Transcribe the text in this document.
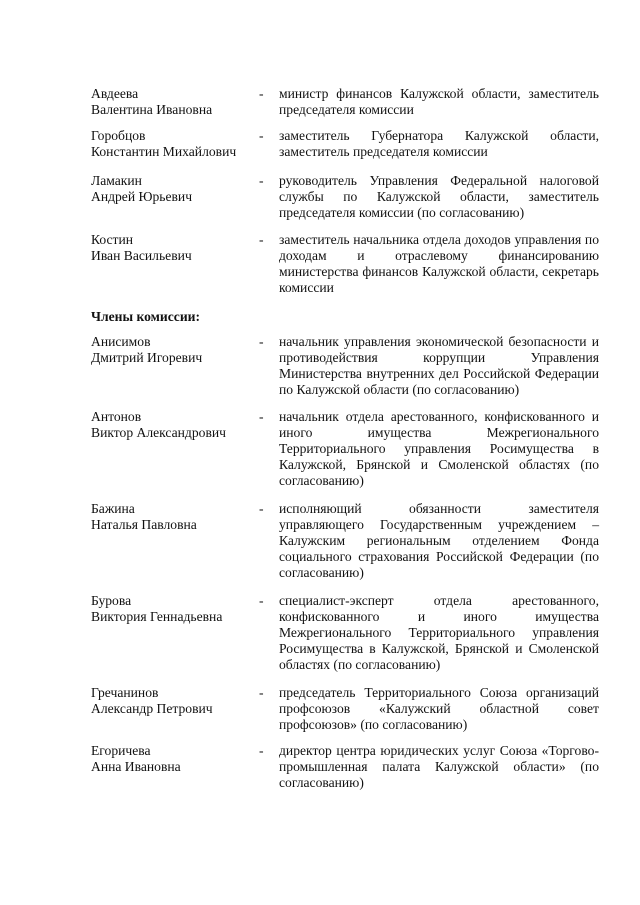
Авдеева
Валентина Ивановна
-	министр финансов Калужской области, заместитель председателя комиссии
Горобцов
Константин Михайлович
-	заместитель Губернатора Калужской области, заместитель председателя комиссии
Ламакин
Андрей Юрьевич
-	руководитель Управления Федеральной налоговой службы по Калужской области, заместитель председателя комиссии (по согласованию)
Костин
Иван Васильевич
-	заместитель начальника отдела доходов управления по доходам и отраслевому финансированию министерства финансов Калужской области, секретарь комиссии
Члены комиссии:
Анисимов
Дмитрий Игоревич
-	начальник управления экономической безопасности и противодействия коррупции Управления Министерства внутренних дел Российской Федерации по Калужской области (по согласованию)
Антонов
Виктор Александрович
-	начальник отдела арестованного, конфискованного и иного имущества Межрегионального Территориального управления Росимущества в Калужской, Брянской и Смоленской областях (по согласованию)
Бажина
Наталья Павловна
-	исполняющий обязанности заместителя управляющего Государственным учреждением – Калужским региональным отделением Фонда социального страхования Российской Федерации (по согласованию)
Бурова
Виктория Геннадьевна
-	специалист-эксперт отдела арестованного, конфискованного и иного имущества Межрегионального Территориального управления Росимущества в Калужской, Брянской и Смоленской областях (по согласованию)
Гречанинов
Александр Петрович
-	председатель Территориального Союза организаций профсоюзов «Калужский областной совет профсоюзов» (по согласованию)
Егоричева
Анна Ивановна
-	директор центра юридических услуг Союза «Торгово-промышленная палата Калужской области» (по согласованию)
